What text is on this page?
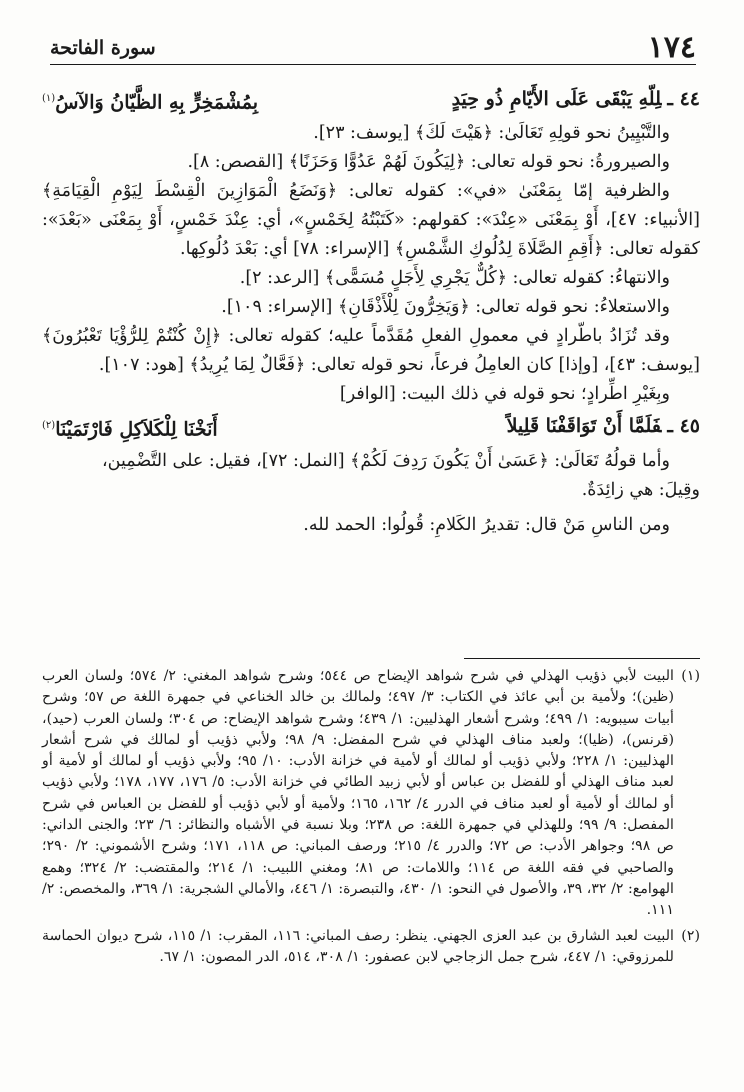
١٧٤
سورة الفاتحة
٤٤ ـلِلّهِ يَبْقَى عَلَى الأَيّامِ ذُو حِيَدٍ
بِمُشْمَخِرٍّ بِهِ الظَّيّانُ وَالآسُ$^{(١)}$

والتَّبْيِينُ نحو قولِهِ تَعَالَىٰ: ﴿هَيْتَ لَكَ﴾ [يوسف: ٢٣].

والصيرورةُ: نحو قوله تعالى: ﴿لِيَكُونَ لَهُمْ عَدُوًّا وَحَزَنًا﴾ [القصص: ٨].

والظرفية إمّا بِمَعْنَىٰ «في»: كقوله تعالى: ﴿وَنَضَعُ الْمَوَازِينَ الْقِسْطَ لِيَوْمِ الْقِيَامَةِ﴾ [الأنبياء: ٤٧]، أَوْ بِمَعْنَى «عِنْدَ»: كقولهم: «كَتَبْتُهُ لِخَمْسٍ»، أي: عِنْدَ خَمْسٍ، أَوْ بِمَعْنَى «بَعْدَ»: كقوله تعالى: ﴿أَقِمِ الصَّلَاةَ لِدُلُوكِ الشَّمْسِ﴾ [الإسراء: ٧٨] أي: بَعْدَ دُلُوكِها.

والانتهاءُ: كقوله تعالى: ﴿كُلٌّ يَجْرِي لِأَجَلٍ مُسَمًّى﴾ [الرعد: ٢].

والاستعلاءُ: نحو قوله تعالى: ﴿وَيَخِرُّونَ لِلْأَذْقَانِ﴾ [الإسراء: ١٠٩].

وقد تُزَادُ باطّرادٍ في معمولِ الفعلِ مُقَدَّماً عليه؛ كقوله تعالى: ﴿إِنْ كُنْتُمْ لِلرُّؤْيَا تَعْبُرُونَ﴾ [يوسف: ٤٣]، [وإذا] كان العامِلُ فرعاً، نحو قوله تعالى: ﴿فَعَّالٌ لِمَا يُرِيدُ﴾ [هود: ١٠٧].

وبِغَيْرِ اطِّرادٍ؛ نحو قوله في ذلك البيت: [الوافر]

٤٥ ـفَلَمَّا أَنْ تَوَاقَفْنَا قَلِيلاً
أَنَخْنَا لِلْكَلاَكِلِ فَارْتَمَيْنَا$^{(٢)}$

وأما قولُهُ تَعَالَىٰ: ﴿عَسَىٰ أَنْ يَكُونَ رَدِفَ لَكُمْ﴾ [النمل: ٧٢]، فقيل: على التَّضْمِين،

وقِيلَ: هي زائِدَةٌ.

ومن الناسِ مَنْ قال: تقديرُ الكَلامِ: قُولُوا: الحمد لله.

(١)
البيت لأبي ذؤيب الهذلي في شرح شواهد الإيضاح ص ٥٤٤؛ وشرح شواهد المغني: ٢/ ٥٧٤؛ ولسان العرب (ظين)؛ ولأمية بن أبي عائذ في الكتاب: ٣/ ٤٩٧؛ ولمالك بن خالد الخناعي في جمهرة اللغة ص ٥٧؛ وشرح أبيات سيبويه: ١/ ٤٩٩؛ وشرح أشعار الهذليين: ١/ ٤٣٩؛ وشرح شواهد الإيضاح: ص ٣٠٤؛ ولسان العرب (حيد)، (قرنس)، (ظيا)؛ ولعبد مناف الهذلي في شرح المفضل: ٩/ ٩٨؛ ولأبي ذؤيب أو لمالك في شرح أشعار الهذليين: ١/ ٢٢٨؛ ولأبي ذؤيب أو لمالك أو لأمية في خزانة الأدب: ١٠/ ٩٥؛ ولأبي ذؤيب أو لمالك أو لأمية أو لعبد مناف الهذلي أو للفضل بن عباس أو لأبي زبيد الطائي في خزانة الأدب: ٥/ ١٧٦، ١٧٧، ١٧٨؛ ولأبي ذؤيب أو لمالك أو لأمية أو لعبد مناف في الدرر ٤/ ١٦٢، ١٦٥؛ ولأمية أو لأبي ذؤيب أو للفضل بن العباس في شرح المفصل: ٩/ ٩٩؛ وللهذلي في جمهرة اللغة: ص ٢٣٨؛ وبلا نسبة في الأشباه والنظائر: ٦/ ٢٣؛ والجنى الداني: ص ٩٨؛ وجواهر الأدب: ص ٧٢؛ والدرر ٤/ ٢١٥؛ ورصف المباني: ص ١١٨، ١٧١؛ وشرح الأشموني: ٢/ ٢٩٠؛ والصاحبي في فقه اللغة ص ١١٤؛ واللامات: ص ٨١؛ ومغني اللبيب: ١/ ٢١٤؛ والمقتضب: ٢/ ٣٢٤؛ وهمع الهوامع: ٢/ ٣٢، ٣٩، والأصول في النحو: ١/ ٤٣٠، والتبصرة: ١/ ٤٤٦، والأمالي الشجرية: ١/ ٣٦٩، والمخصص: ٢/ ١١١.

(٢)
البيت لعبد الشارق بن عبد العزى الجهني. ينظر: رصف المباني: ١١٦، المقرب: ١/ ١١٥، شرح ديوان الحماسة للمرزوقي: ١/ ٤٤٧، شرح جمل الزجاجي لابن عصفور: ١/ ٣٠٨، ٥١٤، الدر المصون: ١/ ٦٧.
